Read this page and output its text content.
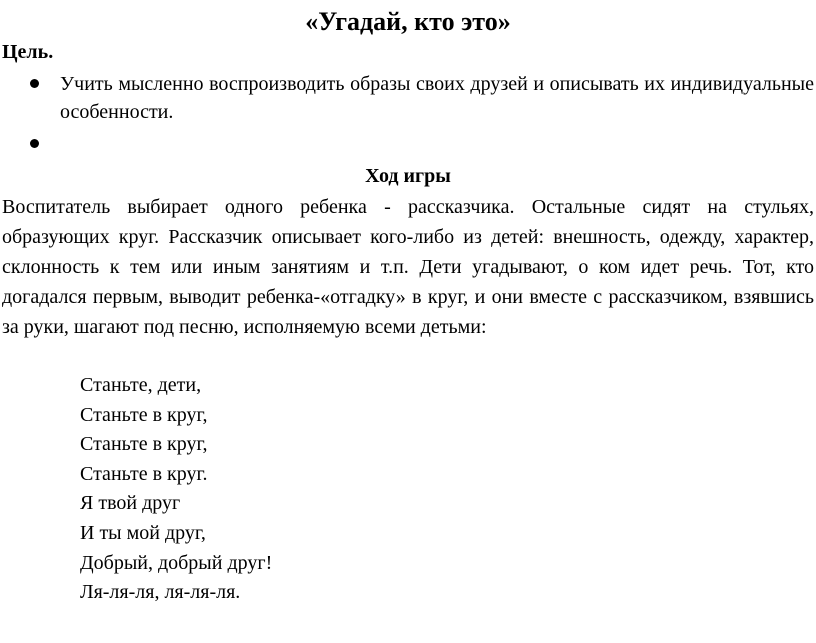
«Угадай, кто это»
Цель.
Учить мысленно воспроизводить образы своих друзей и описывать их индивидуальные особенности.
Ход игры
Воспитатель выбирает одного ребенка - рассказчика. Остальные сидят на стульях, образующих круг. Рассказчик описывает кого-либо из детей: внешность, одежду, характер, склонность к тем или иным занятиям и т.п. Дети угадывают, о ком идет речь. Тот, кто догадался первым, выводит ребенка-«отгадку» в круг, и они вместе с рассказчиком, взявшись за руки, шагают под песню, исполняемую всеми детьми:
Станьте, дети,
Станьте в круг,
Станьте в круг,
Станьте в круг.
Я твой друг
И ты мой друг,
Добрый, добрый друг!
Ля-ля-ля, ля-ля-ля.
